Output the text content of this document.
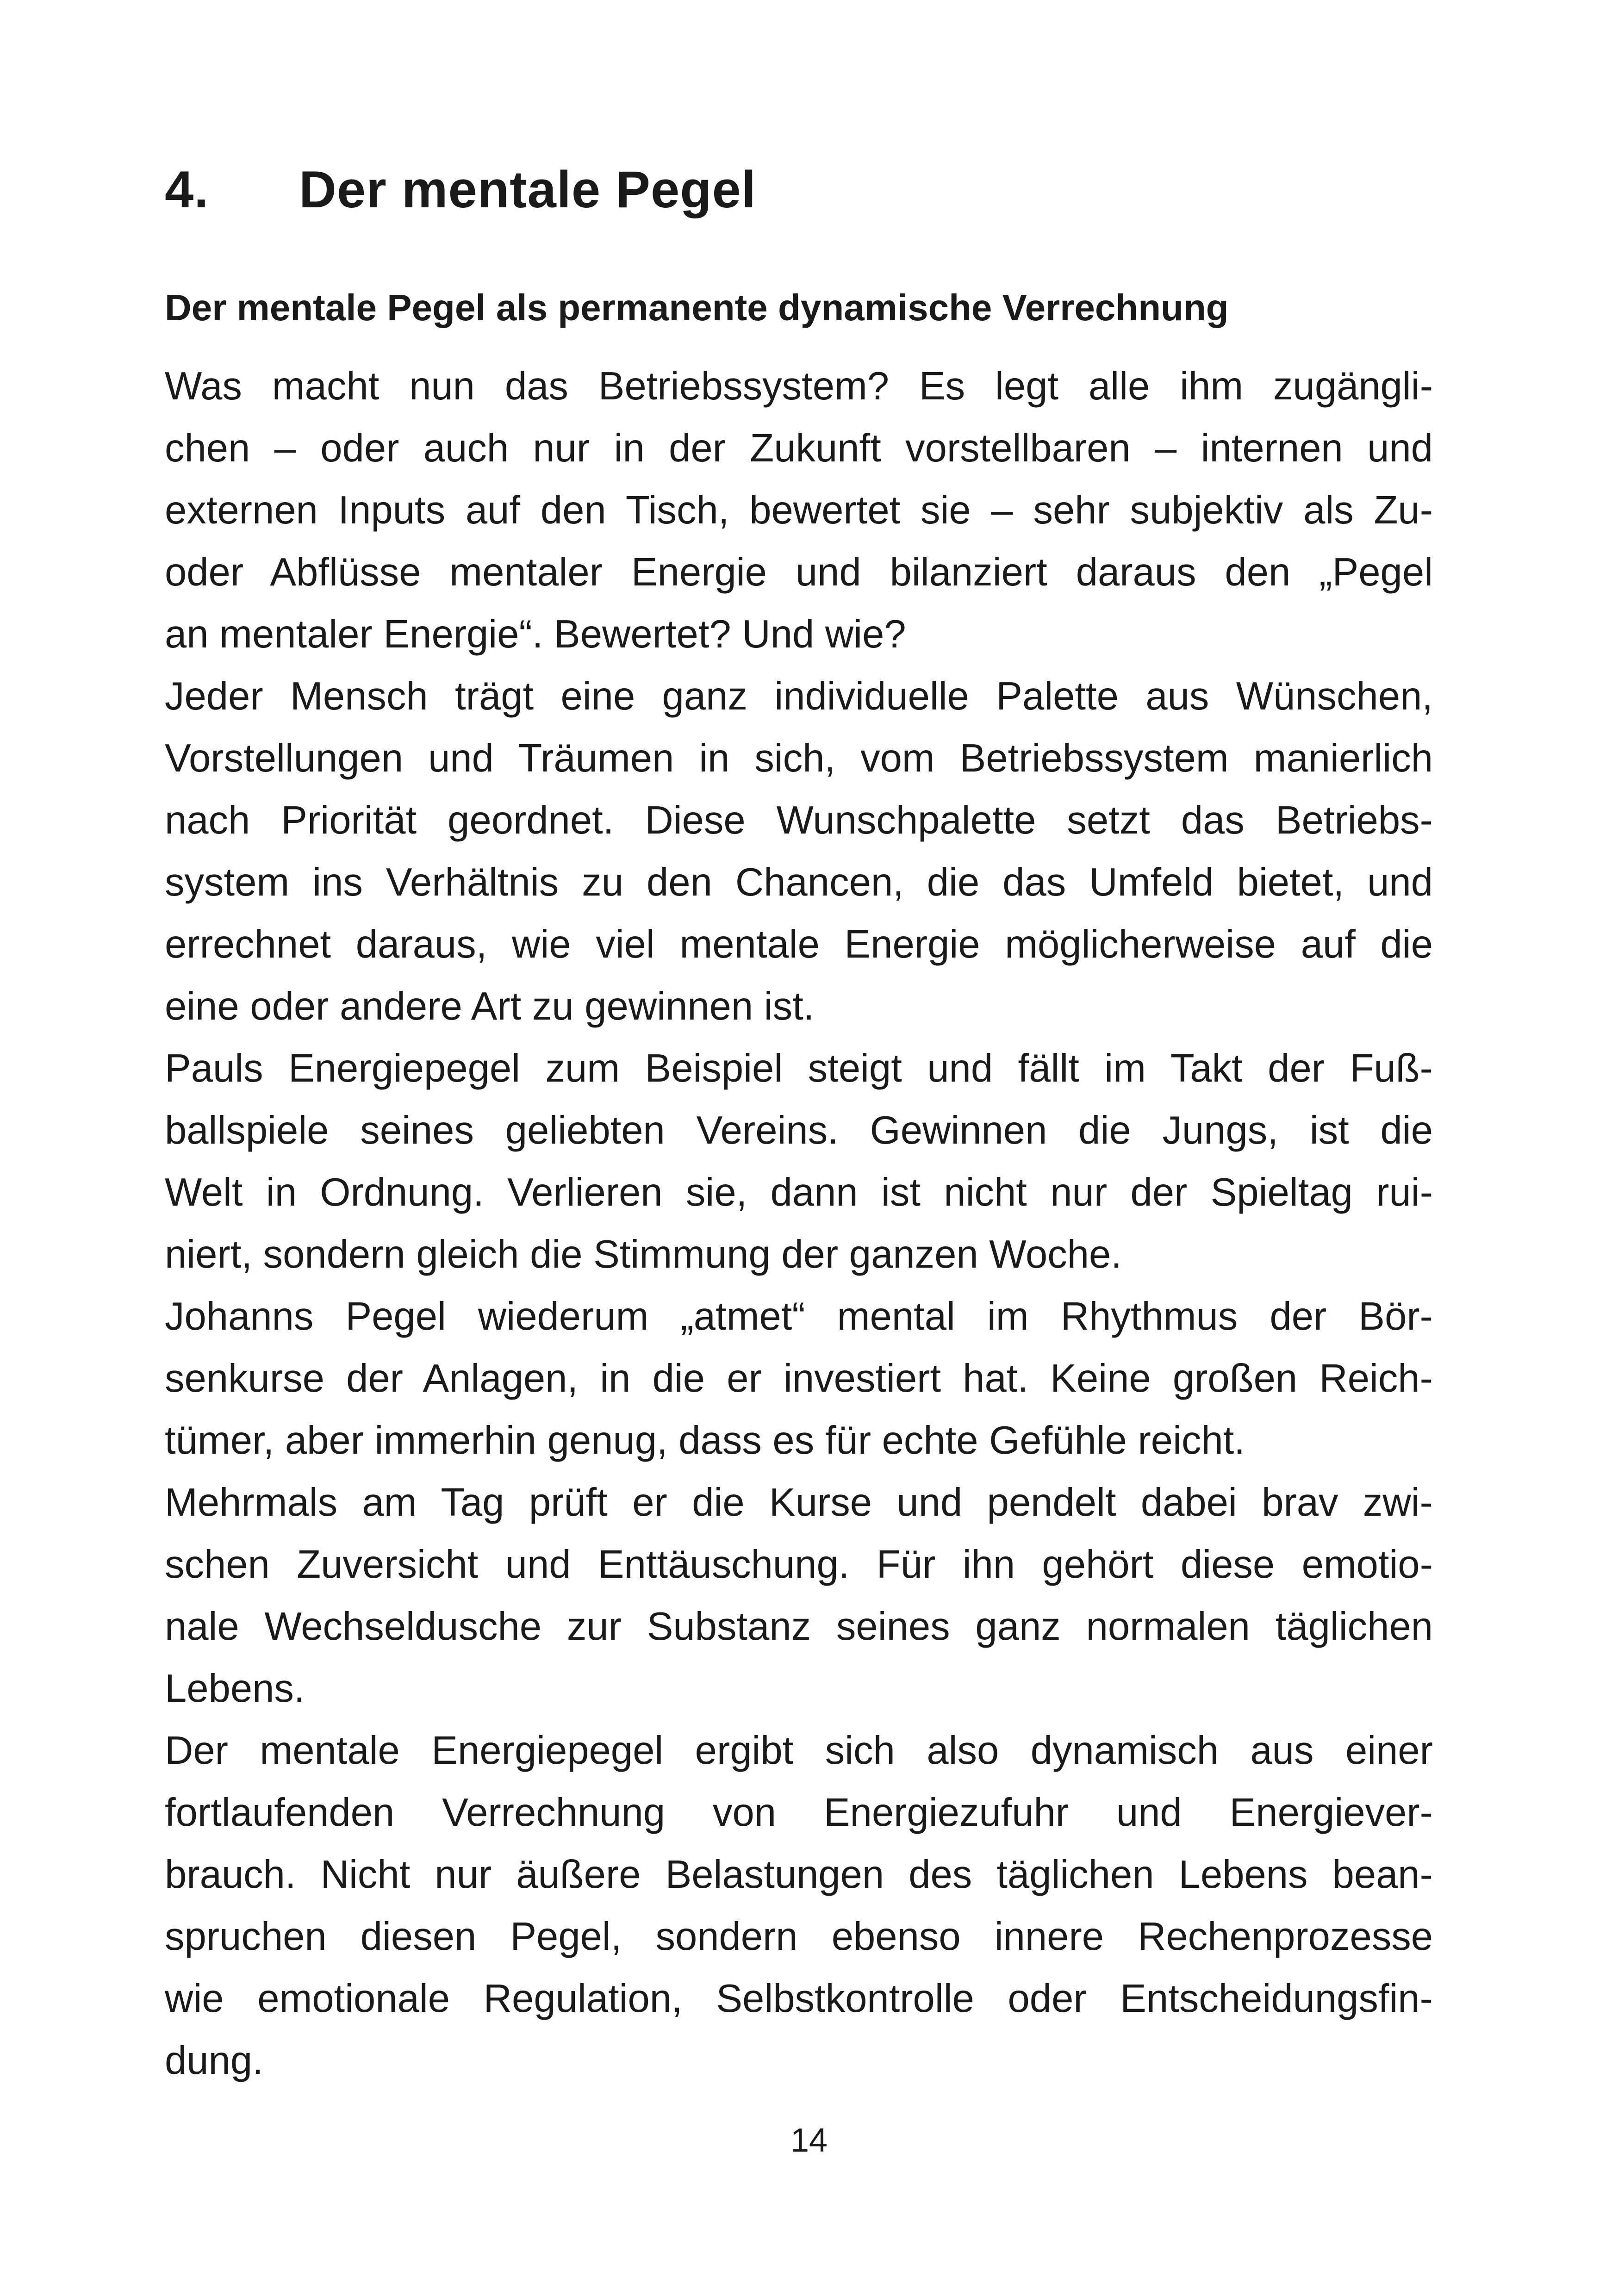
4.	Der mentale Pegel
Der mentale Pegel als permanente dynamische Verrechnung
Was macht nun das Betriebssystem? Es legt alle ihm zugängli-
chen – oder auch nur in der Zukunft vorstellbaren – internen und
externen Inputs auf den Tisch, bewertet sie – sehr subjektiv als Zu-
oder Abflüsse mentaler Energie und bilanziert daraus den „Pegel
an mentaler Energie“. Bewertet? Und wie?
Jeder Mensch trägt eine ganz individuelle Palette aus Wünschen,
Vorstellungen und Träumen in sich, vom Betriebssystem manierlich
nach Priorität geordnet. Diese Wunschpalette setzt das Betriebs-
system ins Verhältnis zu den Chancen, die das Umfeld bietet, und
errechnet daraus, wie viel mentale Energie möglicherweise auf die
eine oder andere Art zu gewinnen ist.
Pauls Energiepegel zum Beispiel steigt und fällt im Takt der Fuß-
ballspiele seines geliebten Vereins. Gewinnen die Jungs, ist die
Welt in Ordnung. Verlieren sie, dann ist nicht nur der Spieltag rui-
niert, sondern gleich die Stimmung der ganzen Woche.
Johanns Pegel wiederum „atmet“ mental im Rhythmus der Bör-
senkurse der Anlagen, in die er investiert hat. Keine großen Reich-
tümer, aber immerhin genug, dass es für echte Gefühle reicht.
Mehrmals am Tag prüft er die Kurse und pendelt dabei brav zwi-
schen Zuversicht und Enttäuschung. Für ihn gehört diese emotio-
nale Wechseldusche zur Substanz seines ganz normalen täglichen
Lebens.
Der mentale Energiepegel ergibt sich also dynamisch aus einer
fortlaufenden Verrechnung von Energiezufuhr und Energiever-
brauch. Nicht nur äußere Belastungen des täglichen Lebens bean-
spruchen diesen Pegel, sondern ebenso innere Rechenprozesse
wie emotionale Regulation, Selbstkontrolle oder Entscheidungsfin-
dung.
14
